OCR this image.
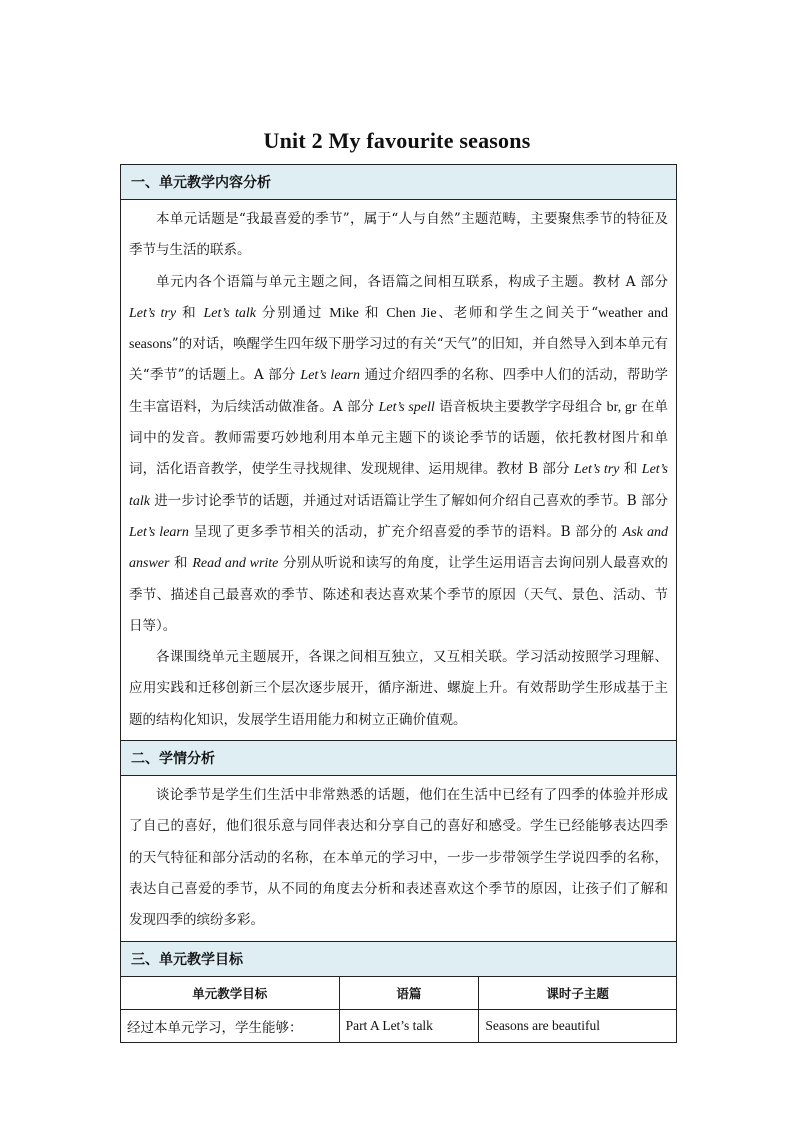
Unit 2 My favourite seasons
一、单元教学内容分析		

本单元话题是“我最喜爱的季节”，属于“人与自然”主题范畴，主要聚焦季节的特征及季节与生活的联系。

单元内各个语篇与单元主题之间，各语篇之间相互联系，构成子主题。教材 A 部分 Let’s try 和 Let’s talk 分别通过 Mike 和 Chen Jie、老师和学生之间关于“weather and seasons”的对话，唤醒学生四年级下册学习过的有关“天气”的旧知，并自然导入到本单元有关“季节”的话题上。A 部分 Let’s learn 通过介绍四季的名称、四季中人们的活动，帮助学生丰富语料，为后续活动做准备。A 部分 Let’s spell 语音板块主要教学字母组合 br, gr 在单词中的发音。教师需要巧妙地利用本单元主题下的谈论季节的话题，依托教材图片和单词，活化语音教学，使学生寻找规律、发现规律、运用规律。教材 B 部分 Let’s try 和 Let’s talk 进一步讨论季节的话题，并通过对话语篇让学生了解如何介绍自己喜欢的季节。B 部分 Let’s learn 呈现了更多季节相关的活动，扩充介绍喜爱的季节的语料。B 部分的 Ask and answer 和 Read and write 分别从听说和读写的角度，让学生运用语言去询问别人最喜欢的季节、描述自己最喜欢的季节、陈述和表达喜欢某个季节的原因（天气、景色、活动、节日等）。

各课围绕单元主题展开，各课之间相互独立，又互相关联。学习活动按照学习理解、应用实践和迁移创新三个层次逐步展开，循序渐进、螺旋上升。有效帮助学生形成基于主题的结构化知识，发展学生语用能力和树立正确价值观。		

二、学情分析		

谈论季节是学生们生活中非常熟悉的话题，他们在生活中已经有了四季的体验并形成了自己的喜好，他们很乐意与同伴表达和分享自己的喜好和感受。学生已经能够表达四季的天气特征和部分活动的名称，在本单元的学习中，一步一步带领学生学说四季的名称，表达自己喜爱的季节，从不同的角度去分析和表述喜欢这个季节的原因，让孩子们了解和发现四季的缤纷多彩。		

三、单元教学目标		
单元教学目标	语篇	课时子主题
经过本单元学习，学生能够：	Part A Let’s talk	Seasons are beautiful
